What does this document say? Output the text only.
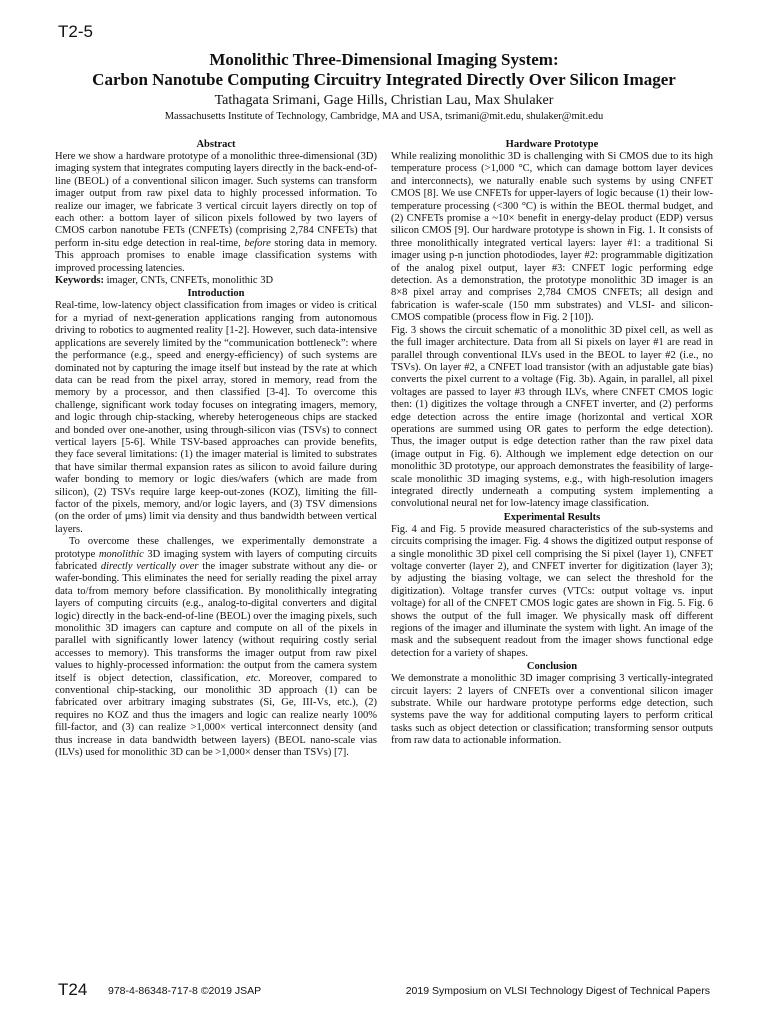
T2-5
Monolithic Three-Dimensional Imaging System:
Carbon Nanotube Computing Circuitry Integrated Directly Over Silicon Imager
Tathagata Srimani, Gage Hills, Christian Lau, Max Shulaker
Massachusetts Institute of Technology, Cambridge, MA and USA, tsrimani@mit.edu, shulaker@mit.edu
Abstract

Here we show a hardware prototype of a monolithic three-dimensional (3D) imaging system that integrates computing layers directly in the back-end-of-line (BEOL) of a conventional silicon imager. Such systems can transform imager output from raw pixel data to highly processed information. To realize our imager, we fabricate 3 vertical circuit layers directly on top of each other: a bottom layer of silicon pixels followed by two layers of CMOS carbon nanotube FETs (CNFETs) (comprising 2,784 CNFETs) that perform in-situ edge detection in real-time, before storing data in memory. This approach promises to enable image classification systems with improved processing latencies.

Keywords: imager, CNTs, CNFETs, monolithic 3D

Introduction

Real-time, low-latency object classification from images or video is critical for a myriad of next-generation applications ranging from autonomous driving to robotics to augmented reality [1-2]. However, such data-intensive applications are severely limited by the “communication bottleneck”: where the performance (e.g., speed and energy-efficiency) of such systems are dominated not by capturing the image itself but instead by the rate at which data can be read from the pixel array, stored in memory, read from the memory by a processor, and then classified [3-4]. To overcome this challenge, significant work today focuses on integrating imagers, memory, and logic through chip-stacking, whereby heterogeneous chips are stacked and bonded over one-another, using through-silicon vias (TSVs) to connect vertical layers [5-6]. While TSV-based approaches can provide benefits, they face several limitations: (1) the imager material is limited to substrates that have similar thermal expansion rates as silicon to avoid failure during wafer bonding to memory or logic dies/wafers (which are made from silicon), (2) TSVs require large keep-out-zones (KOZ), limiting the fill-factor of the pixels, memory, and/or logic layers, and (3) TSV dimensions (on the order of μms) limit via density and thus bandwidth between vertical layers.

To overcome these challenges, we experimentally demonstrate a prototype monolithic 3D imaging system with layers of computing circuits fabricated directly vertically over the imager substrate without any die- or wafer-bonding. This eliminates the need for serially reading the pixel array data to/from memory before classification. By monolithically integrating layers of computing circuits (e.g., analog-to-digital converters and digital logic) directly in the back-end-of-line (BEOL) over the imaging pixels, such monolithic 3D imagers can capture and compute on all of the pixels in parallel with significantly lower latency (without requiring costly serial accesses to memory). This transforms the imager output from raw pixel values to highly-processed information: the output from the camera system itself is object detection, classification, etc. Moreover, compared to conventional chip-stacking, our monolithic 3D approach (1) can be fabricated over arbitrary imaging substrates (Si, Ge, III-Vs, etc.), (2) requires no KOZ and thus the imagers and logic can realize nearly 100% fill-factor, and (3) can realize >1,000× vertical interconnect density (and thus increase in data bandwidth between layers) (BEOL nano-scale vias (ILVs) used for monolithic 3D can be >1,000× denser than TSVs) [7].

Hardware Prototype

While realizing monolithic 3D is challenging with Si CMOS due to its high temperature process (>1,000 °C, which can damage bottom layer devices and interconnects), we naturally enable such systems by using CNFET CMOS [8]. We use CNFETs for upper-layers of logic because (1) their low-temperature processing (<300 °C) is within the BEOL thermal budget, and (2) CNFETs promise a ~10× benefit in energy-delay product (EDP) versus silicon CMOS [9]. Our hardware prototype is shown in Fig. 1. It consists of three monolithically integrated vertical layers: layer #1: a traditional Si imager using p-n junction photodiodes, layer #2: programmable digitization of the analog pixel output, layer #3: CNFET logic performing edge detection. As a demonstration, the prototype monolithic 3D imager is an 8×8 pixel array and comprises 2,784 CMOS CNFETs; all design and fabrication is wafer-scale (150 mm substrates) and VLSI- and silicon-CMOS compatible (process flow in Fig. 2 [10]).

Fig. 3 shows the circuit schematic of a monolithic 3D pixel cell, as well as the full imager architecture. Data from all Si pixels on layer #1 are read in parallel through conventional ILVs used in the BEOL to layer #2 (i.e., no TSVs). On layer #2, a CNFET load transistor (with an adjustable gate bias) converts the pixel current to a voltage (Fig. 3b). Again, in parallel, all pixel voltages are passed to layer #3 through ILVs, where CNFET CMOS logic then: (1) digitizes the voltage through a CNFET inverter, and (2) performs edge detection across the entire image (horizontal and vertical XOR operations are summed using OR gates to perform the edge detection). Thus, the imager output is edge detection rather than the raw pixel data (image output in Fig. 6). Although we implement edge detection on our monolithic 3D prototype, our approach demonstrates the feasibility of large-scale monolithic 3D imaging systems, e.g., with high-resolution imagers integrated directly underneath a computing system implementing a convolutional neural net for low-latency image classification.

Experimental Results

Fig. 4 and Fig. 5 provide measured characteristics of the sub-systems and circuits comprising the imager. Fig. 4 shows the digitized output response of a single monolithic 3D pixel cell comprising the Si pixel (layer 1), CNFET voltage converter (layer 2), and CNFET inverter for digitization (layer 3); by adjusting the biasing voltage, we can select the threshold for the digitization). Voltage transfer curves (VTCs: output voltage vs. input voltage) for all of the CNFET CMOS logic gates are shown in Fig. 5. Fig. 6 shows the output of the full imager. We physically mask off different regions of the imager and illuminate the system with light. An image of the mask and the subsequent readout from the imager shows functional edge detection for a variety of shapes.

Conclusion

We demonstrate a monolithic 3D imager comprising 3 vertically-integrated circuit layers: 2 layers of CNFETs over a conventional silicon imager substrate. While our hardware prototype performs edge detection, such systems pave the way for additional computing layers to perform critical tasks such as object detection or classification; transforming sensor outputs from raw data to actionable information.

T24 978-4-86348-717-8 ©2019 JSAP	2019 Symposium on VLSI Technology Digest of Technical Papers
